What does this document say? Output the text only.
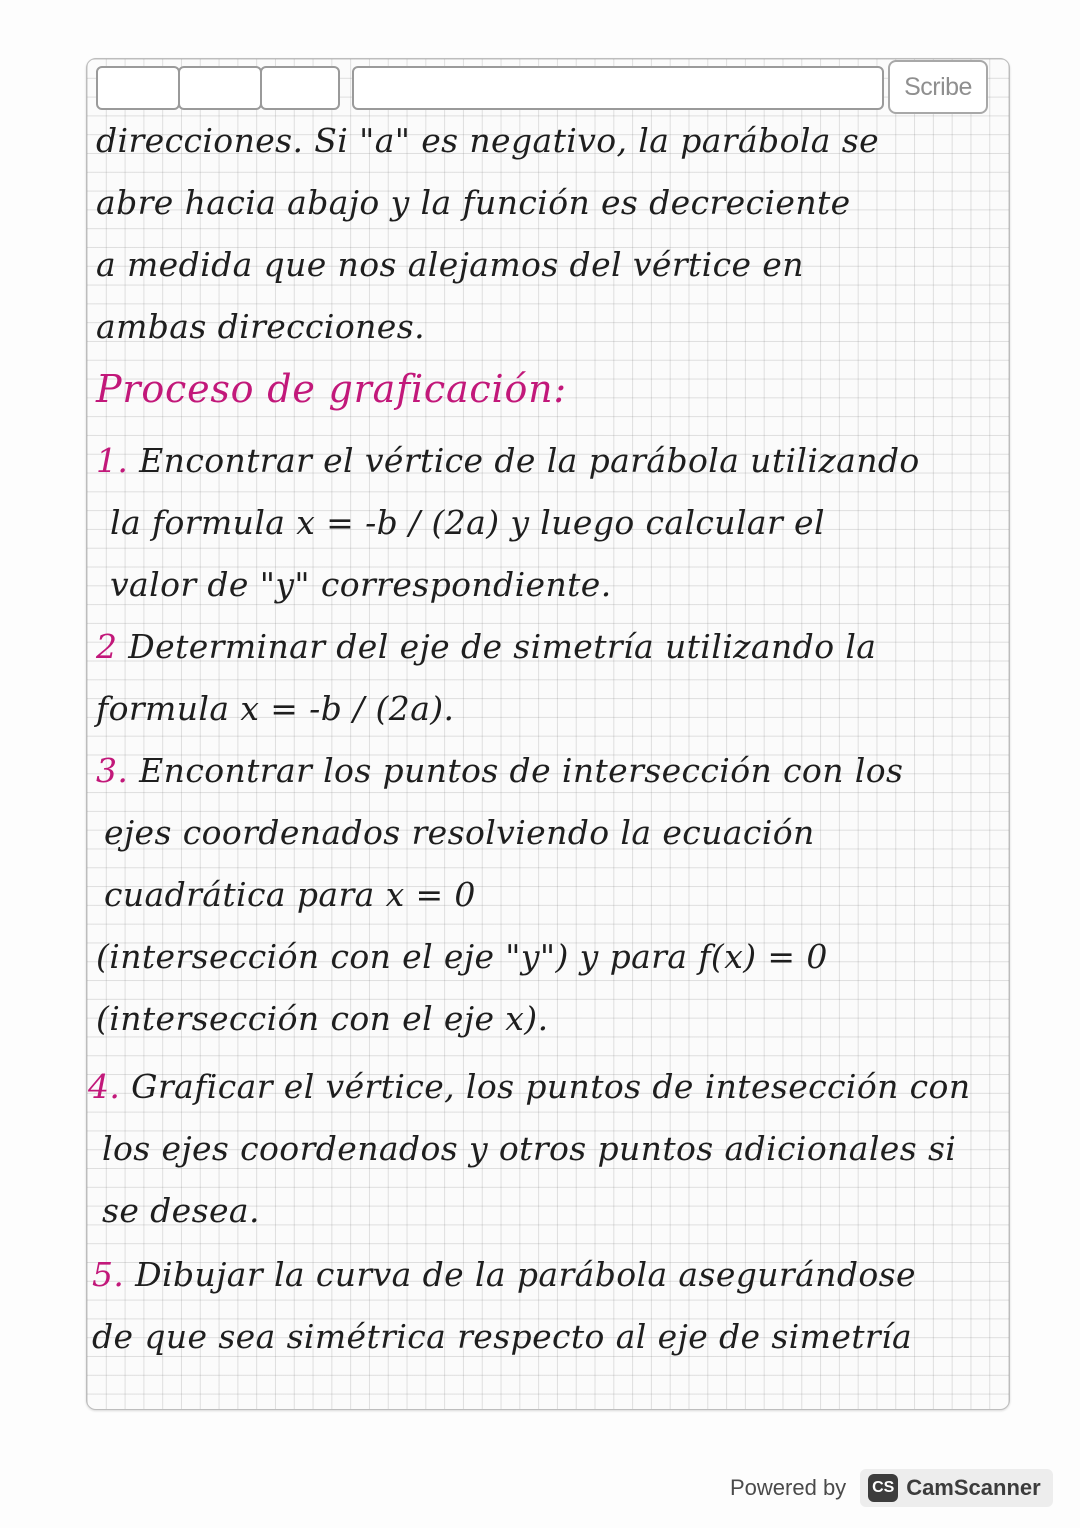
Scribe
direcciones. Si "a" es negativo, la parábola se
abre hacia abajo y la función es decreciente
a medida que nos alejamos del vértice en
ambas direcciones.
Proceso de graficación:
1. Encontrar el vértice de la parábola utilizando
la formula x = -b / (2a) y luego calcular el
valor de "y" correspondiente.
2 Determinar del eje de simetría utilizando la
formula x = -b / (2a).
3. Encontrar los puntos de intersección con los
ejes coordenados resolviendo la ecuación
cuadrática para x = 0
(intersección con el eje "y") y para f(x) = 0
(intersección con el eje x).
4. Graficar el vértice, los puntos de intesección con
los ejes coordenados y otros puntos adicionales si
se desea.
5. Dibujar la curva de la parábola asegurándose
de que sea simétrica respecto al eje de simetría
Powered by CS CamScanner
